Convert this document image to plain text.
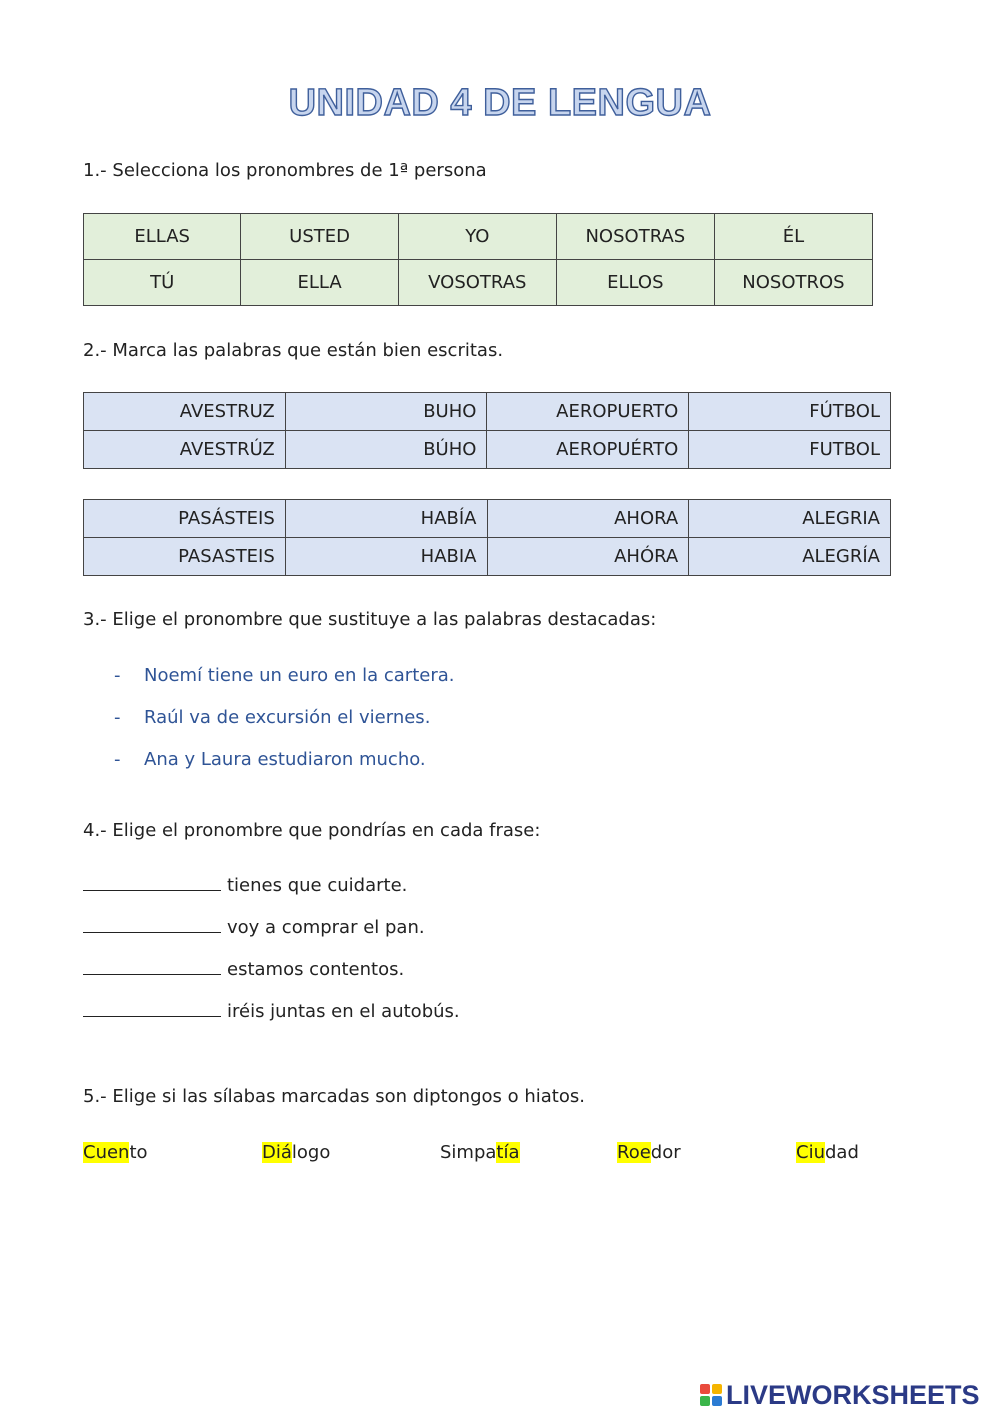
UNIDAD 4 DE LENGUA
1.- Selecciona los pronombres de 1ª persona
ELLAS	USTED	YO	NOSOTRAS	ÉL
TÚ	ELLA	VOSOTRAS	ELLOS	NOSOTROS
2.- Marca las palabras que están bien escritas.
AVESTRUZ	BUHO	AEROPUERTO	FÚTBOL
AVESTRÚZ	BÚHO	AEROPUÉRTO	FUTBOL
PASÁSTEIS	HABÍA	AHORA	ALEGRIA
PASASTEIS	HABIA	AHÓRA	ALEGRÍA
3.- Elige el pronombre que sustituye a las palabras destacadas:
- Noemí tiene un euro en la cartera.
- Raúl va de excursión el viernes.
- Ana y Laura estudiaron mucho.
4.- Elige el pronombre que pondrías en cada frase:
tienes que cuidarte.
voy a comprar el pan.
estamos contentos.
iréis juntas en el autobús.
5.- Elige si las sílabas marcadas son diptongos o hiatos.
Cuento	Diálogo	Simpatía	Roedor	Ciudad
LIVEWORKSHEETS
